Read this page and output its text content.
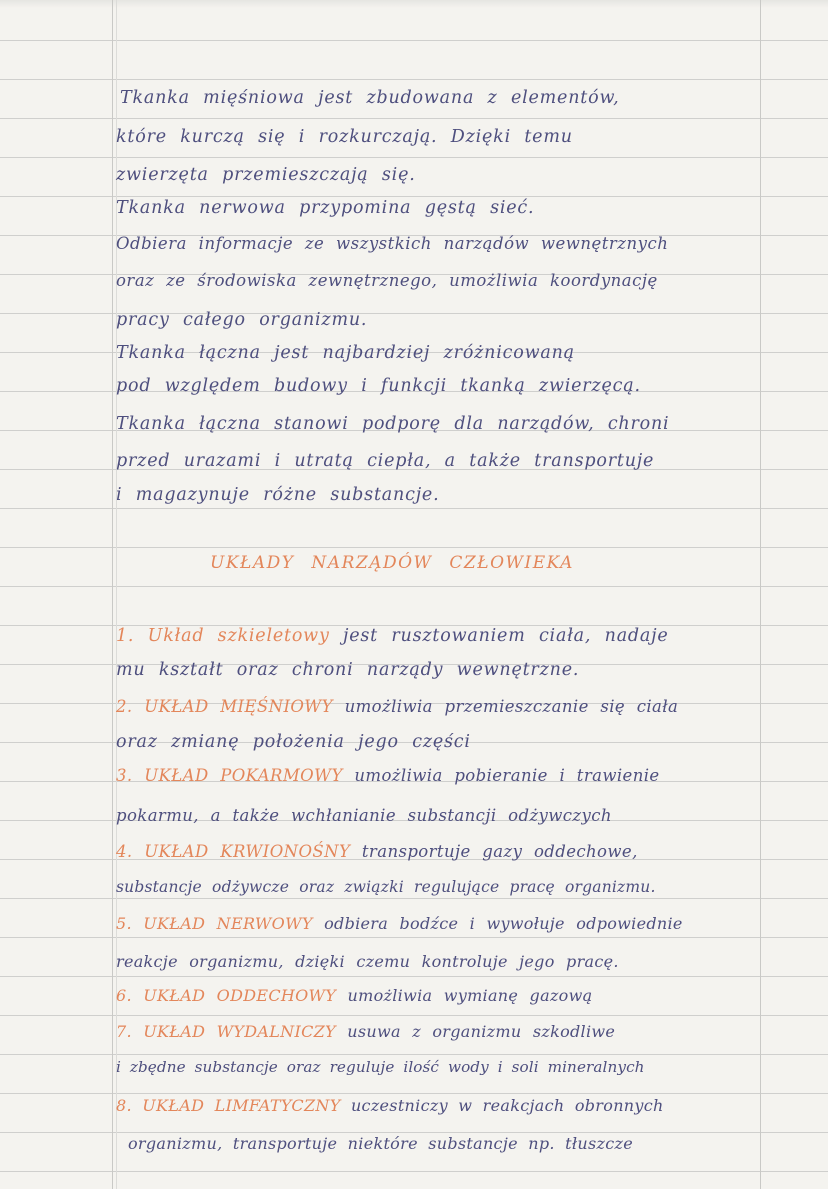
Tkanka mięśniowa jest zbudowana z elementów,
które kurczą się i rozkurczają. Dzięki temu
zwierzęta przemieszczają się.
Tkanka nerwowa przypomina gęstą sieć.
Odbiera informacje ze wszystkich narządów wewnętrznych
oraz ze środowiska zewnętrznego, umożliwia koordynację
pracy całego organizmu.
Tkanka łączna jest najbardziej zróżnicowaną
pod względem budowy i funkcji tkanką zwierzęcą.
Tkanka łączna stanowi podporę dla narządów, chroni
przed urazami i utratą ciepła, a także transportuje
i magazynuje różne substancje.
UKŁADY NARZĄDÓW CZŁOWIEKA
1. Układ szkieletowy jest rusztowaniem ciała, nadaje
mu kształt oraz chroni narządy wewnętrzne.
2. UKŁAD MIĘŚNIOWY umożliwia przemieszczanie się ciała
oraz zmianę położenia jego części
3. UKŁAD POKARMOWY umożliwia pobieranie i trawienie
pokarmu, a także wchłanianie substancji odżywczych
4. UKŁAD KRWIONOŚNY transportuje gazy oddechowe,
substancje odżywcze oraz związki regulujące pracę organizmu.
5. UKŁAD NERWOWY odbiera bodźce i wywołuje odpowiednie
reakcje organizmu, dzięki czemu kontroluje jego pracę.
6. UKŁAD ODDECHOWY umożliwia wymianę gazową
7. UKŁAD WYDALNICZY usuwa z organizmu szkodliwe
i zbędne substancje oraz reguluje ilość wody i soli mineralnych
8. UKŁAD LIMFATYCZNY uczestniczy w reakcjach obronnych
organizmu, transportuje niektóre substancje np. tłuszcze
